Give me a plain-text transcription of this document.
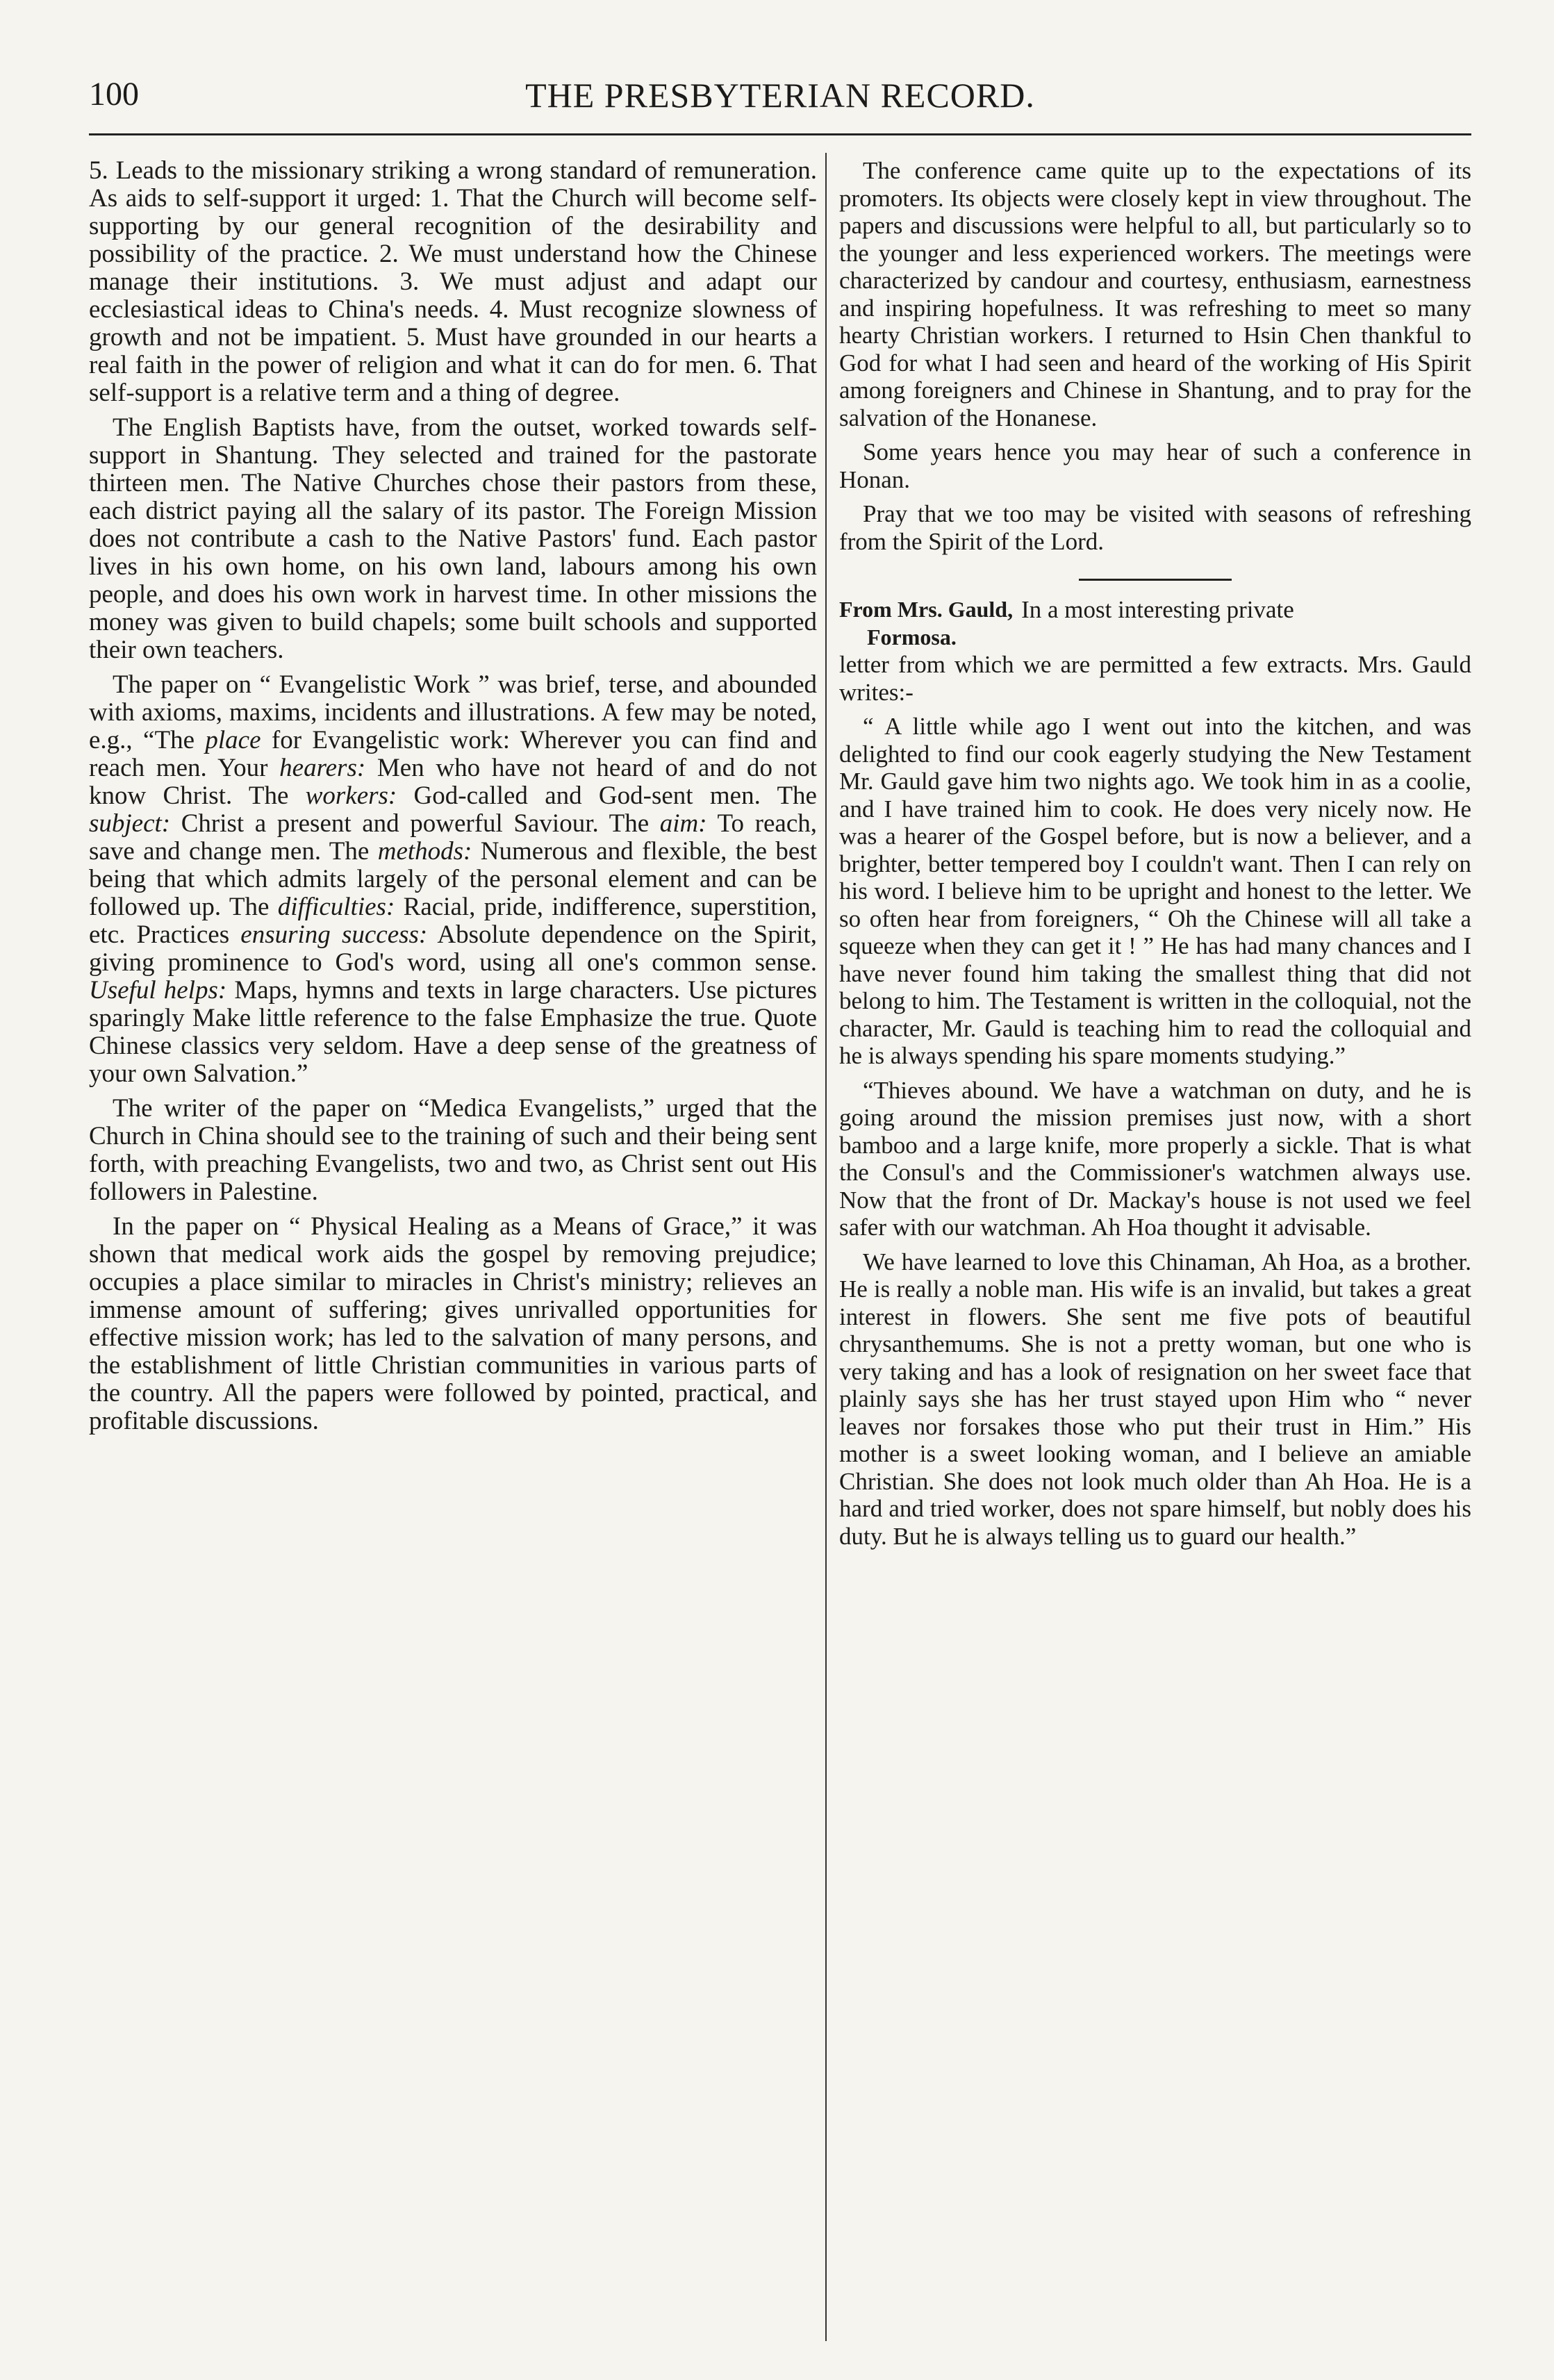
100	THE PRESBYTERIAN RECORD.

5. Leads to the missionary striking a wrong standard of remuneration. As aids to self-support it urged: 1. That the Church will become self-supporting by our general recognition of the desirability and possibility of the practice. 2. We must understand how the Chinese manage their institutions. 3. We must adjust and adapt our ecclesiastical ideas to China's needs. 4. Must recognize slowness of growth and not be impatient. 5. Must have grounded in our hearts a real faith in the power of religion and what it can do for men. 6. That self-support is a relative term and a thing of degree.

The English Baptists have, from the outset, worked towards self-support in Shantung. They selected and trained for the pastorate thirteen men. The Native Churches chose their pastors from these, each district paying all the salary of its pastor. The Foreign Mission does not contribute a cash to the Native Pastors' fund. Each pastor lives in his own home, on his own land, labours among his own people, and does his own work in harvest time. In other missions the money was given to build chapels; some built schools and supported their own teachers.

The paper on “ Evangelistic Work ” was brief, terse, and abounded with axioms, maxims, incidents and illustrations. A few may be noted, e.g., “The place for Evangelistic work: Wherever you can find and reach men. Your hearers: Men who have not heard of and do not know Christ. The workers: God-called and God-sent men. The subject: Christ a present and powerful Saviour. The aim: To reach, save and change men. The methods: Numerous and flexible, the best being that which admits largely of the personal element and can be followed up. The difficulties: Racial, pride, indifference, superstition, etc. Practices ensuring success: Absolute dependence on the Spirit, giving prominence to God's word, using all one's common sense. Useful helps: Maps, hymns and texts in large characters. Use pictures sparingly Make little reference to the false Emphasize the true. Quote Chinese classics very seldom. Have a deep sense of the greatness of your own Salvation.”

The writer of the paper on “Medica Evangelists,” urged that the Church in China should see to the training of such and their being sent forth, with preaching Evangelists, two and two, as Christ sent out His followers in Palestine.

In the paper on “ Physical Healing as a Means of Grace,” it was shown that medical work aids the gospel by removing prejudice; occupies a place similar to miracles in Christ's ministry; relieves an immense amount of suffering; gives unrivalled opportunities for effective mission work; has led to the salvation of many persons, and the establishment of little Christian communities in various parts of the country. All the papers were followed by pointed, practical, and profitable discussions.

The conference came quite up to the expectations of its promoters. Its objects were closely kept in view throughout. The papers and discussions were helpful to all, but particularly so to the younger and less experienced workers. The meetings were characterized by candour and courtesy, enthusiasm, earnestness and inspiring hopefulness. It was refreshing to meet so many hearty Christian workers. I returned to Hsin Chen thankful to God for what I had seen and heard of the working of His Spirit among foreigners and Chinese in Shantung, and to pray for the salvation of the Honanese.

Some years hence you may hear of such a conference in Honan.

Pray that we too may be visited with seasons of refreshing from the Spirit of the Lord.

From Mrs. Gauld, In a most interesting private
Formosa.

letter from which we are permitted a few extracts. Mrs. Gauld writes:-

“ A little while ago I went out into the kitchen, and was delighted to find our cook eagerly studying the New Testament Mr. Gauld gave him two nights ago. We took him in as a coolie, and I have trained him to cook. He does very nicely now. He was a hearer of the Gospel before, but is now a believer, and a brighter, better tempered boy I couldn't want. Then I can rely on his word. I believe him to be upright and honest to the letter. We so often hear from foreigners, “ Oh the Chinese will all take a squeeze when they can get it ! ” He has had many chances and I have never found him taking the smallest thing that did not belong to him. The Testament is written in the colloquial, not the character, Mr. Gauld is teaching him to read the colloquial and he is always spending his spare moments studying.”

“Thieves abound. We have a watchman on duty, and he is going around the mission premises just now, with a short bamboo and a large knife, more properly a sickle. That is what the Consul's and the Commissioner's watchmen always use. Now that the front of Dr. Mackay's house is not used we feel safer with our watchman. Ah Hoa thought it advisable.

We have learned to love this Chinaman, Ah Hoa, as a brother. He is really a noble man. His wife is an invalid, but takes a great interest in flowers. She sent me five pots of beautiful chrysanthemums. She is not a pretty woman, but one who is very taking and has a look of resignation on her sweet face that plainly says she has her trust stayed upon Him who “ never leaves nor forsakes those who put their trust in Him.” His mother is a sweet looking woman, and I believe an amiable Christian. She does not look much older than Ah Hoa. He is a hard and tried worker, does not spare himself, but nobly does his duty. But he is always telling us to guard our health.”
